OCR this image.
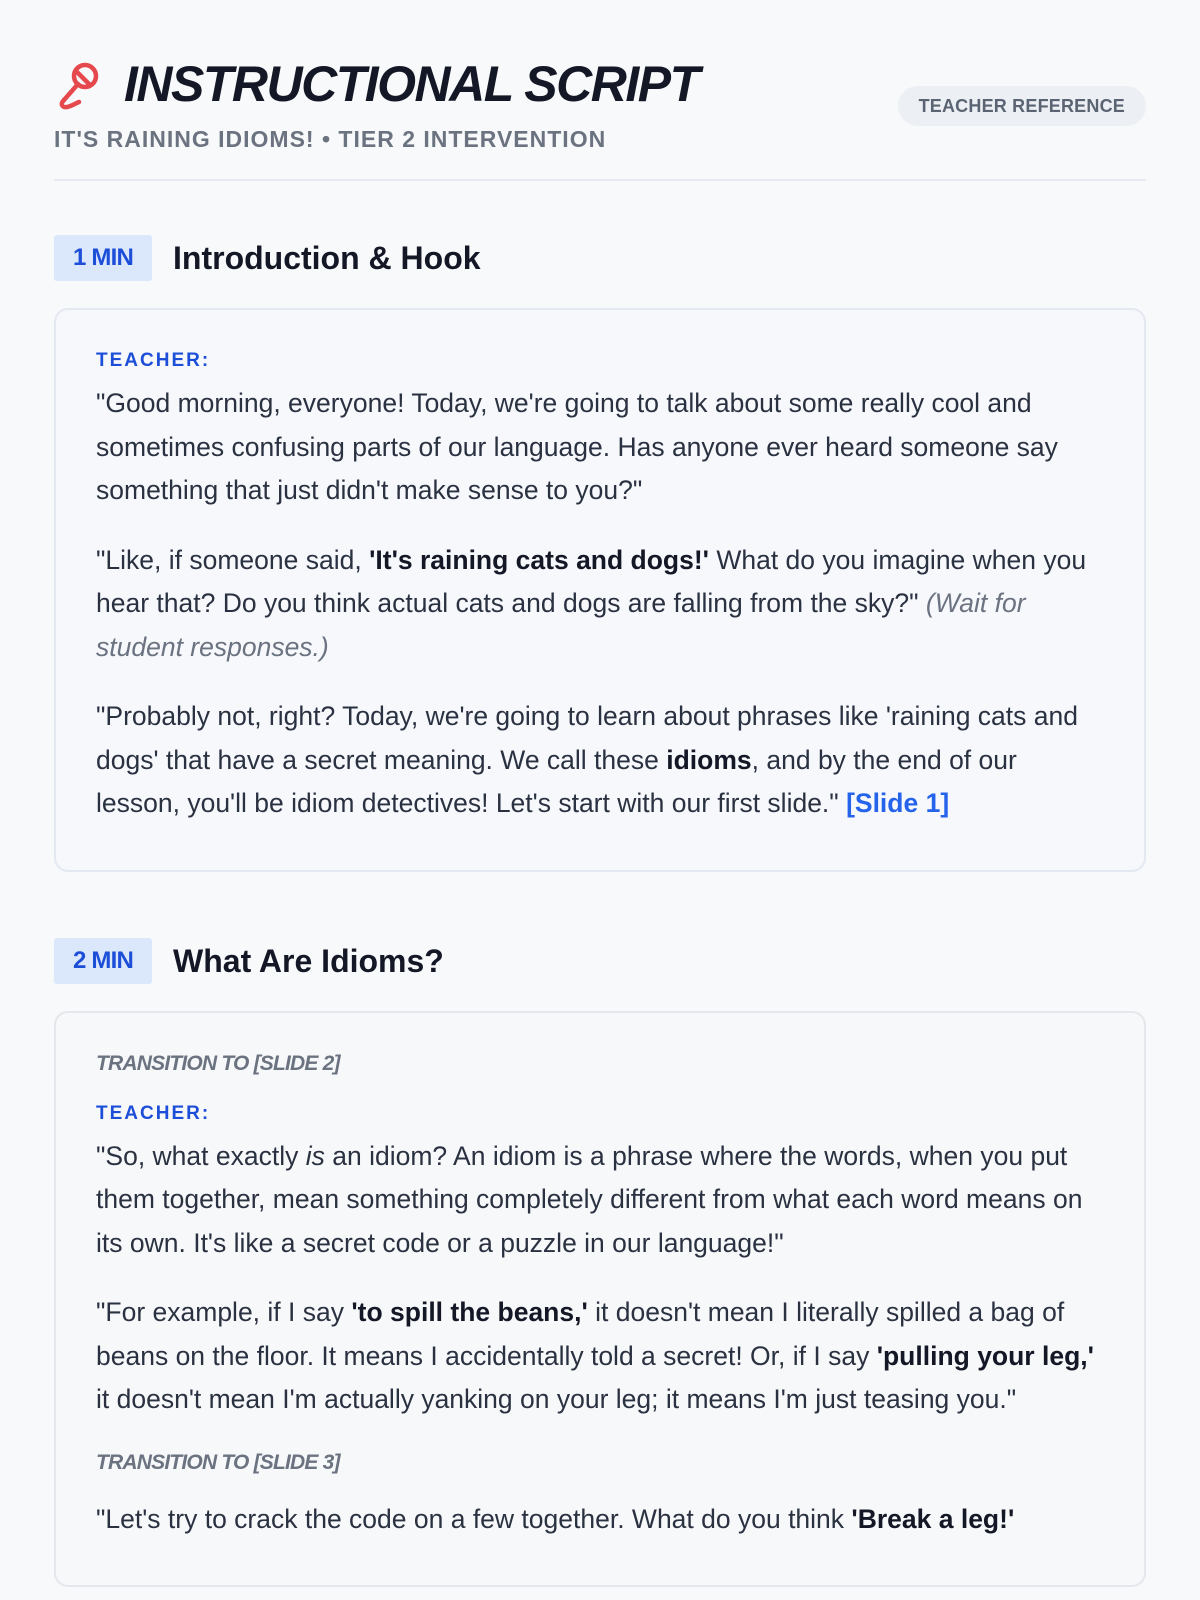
INSTRUCTIONAL SCRIPT
IT'S RAINING IDIOMS! • TIER 2 INTERVENTION
TEACHER REFERENCE
1 MIN	Introduction & Hook
TEACHER:

"Good morning, everyone! Today, we're going to talk about some really cool and sometimes confusing parts of our language. Has anyone ever heard someone say something that just didn't make sense to you?"

"Like, if someone said, 'It's raining cats and dogs!' What do you imagine when you hear that? Do you think actual cats and dogs are falling from the sky?" (Wait for student responses.)

"Probably not, right? Today, we're going to learn about phrases like 'raining cats and dogs' that have a secret meaning. We call these idioms, and by the end of our lesson, you'll be idiom detectives! Let's start with our first slide." [Slide 1]

2 MIN	What Are Idioms?
TRANSITION TO [SLIDE 2]
TEACHER:

"So, what exactly is an idiom? An idiom is a phrase where the words, when you put them together, mean something completely different from what each word means on its own. It's like a secret code or a puzzle in our language!"

"For example, if I say 'to spill the beans,' it doesn't mean I literally spilled a bag of beans on the floor. It means I accidentally told a secret! Or, if I say 'pulling your leg,' it doesn't mean I'm actually yanking on your leg; it means I'm just teasing you."

TRANSITION TO [SLIDE 3]

"Let's try to crack the code on a few together. What do you think 'Break a leg!'
